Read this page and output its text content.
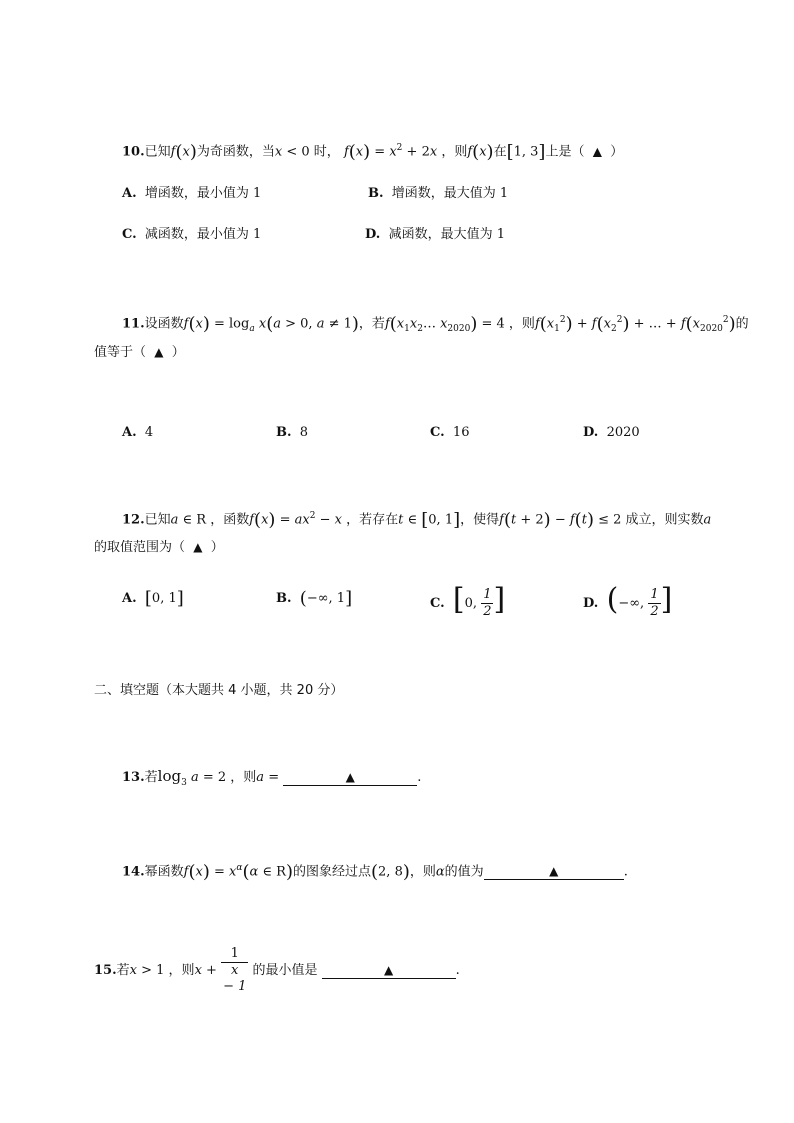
10.已知f(x)为奇函数，当x < 0 时， $f(x) = x^2 + 2x$ ，则f(x)在[1, 3]上是（ ▲ ）
A. 增函数，最小值为 1	B. 增函数，最大值为 1
C. 减函数，最小值为 1	D. 减函数，最大值为 1
11.设函数$f(x) = \log_a x(a > 0$, a ≠ 1)，若$f(x_1x_2\dots$ $x_{2020}) = 4$ ，则$f(x_1^2) + f(x_2^2)$ + … + $f(x_{2020}^2)$的
值等于（ ▲ ）
A. 4	B. 8	C. 16	D. 2020
12.已知a ∈ R ，函数$f(x) = ax^2 - x$ ，若存在t ∈ [0, 1]，使得f(t + 2) − f(t) ≤ 2 成立，则实数a
的取值范围为（ ▲ ）
A. [0, 1]	B. (−∞, 1]	C. [0, $\frac{1}{2}$ ]	D. (−∞, $\frac{1}{2}$ ]
二、填空题（本大题共 4 小题，共 20 分）
13.若$\log_3 a = 2$ ，则a =	▲	.
14.幂函数$f(x) = x^\alpha(\alpha$ ∈ R)的图象经过点(2, 8)，则α的值为	▲	.
15.若x > 1 ，则x + 1
x
− 1 的最小值是	▲	.
